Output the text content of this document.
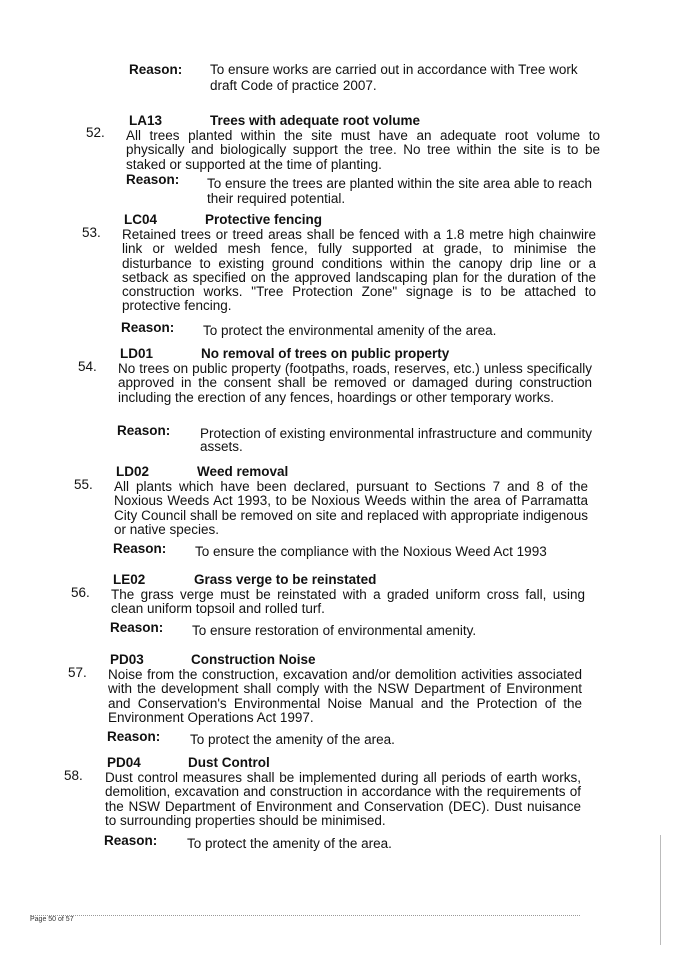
Reason: To ensure works are carried out in accordance with Tree work draft Code of practice 2007.
LA13	Trees with adequate root volume
52. All trees planted within the site must have an adequate root volume to physically and biologically support the tree. No tree within the site is to be staked or supported at the time of planting.
Reason: To ensure the trees are planted within the site area able to reach their required potential.
LC04	Protective fencing
53. Retained trees or treed areas shall be fenced with a 1.8 metre high chainwire link or welded mesh fence, fully supported at grade, to minimise the disturbance to existing ground conditions within the canopy drip line or a setback as specified on the approved landscaping plan for the duration of the construction works. "Tree Protection Zone" signage is to be attached to protective fencing.
Reason: To protect the environmental amenity of the area.
LD01	No removal of trees on public property
54. No trees on public property (footpaths, roads, reserves, etc.) unless specifically approved in the consent shall be removed or damaged during construction including the erection of any fences, hoardings or other temporary works.
Reason: Protection of existing environmental infrastructure and community assets.
LD02	Weed removal
55. All plants which have been declared, pursuant to Sections 7 and 8 of the Noxious Weeds Act 1993, to be Noxious Weeds within the area of Parramatta City Council shall be removed on site and replaced with appropriate indigenous or native species.
Reason: To ensure the compliance with the Noxious Weed Act 1993
LE02	Grass verge to be reinstated
56. The grass verge must be reinstated with a graded uniform cross fall, using clean uniform topsoil and rolled turf.
Reason: To ensure restoration of environmental amenity.
PD03	Construction Noise
57. Noise from the construction, excavation and/or demolition activities associated with the development shall comply with the NSW Department of Environment and Conservation's Environmental Noise Manual and the Protection of the Environment Operations Act 1997.
Reason: To protect the amenity of the area.
PD04	Dust Control
58. Dust control measures shall be implemented during all periods of earth works, demolition, excavation and construction in accordance with the requirements of the NSW Department of Environment and Conservation (DEC). Dust nuisance to surrounding properties should be minimised.
Reason: To protect the amenity of the area.
Page 50 of 57
